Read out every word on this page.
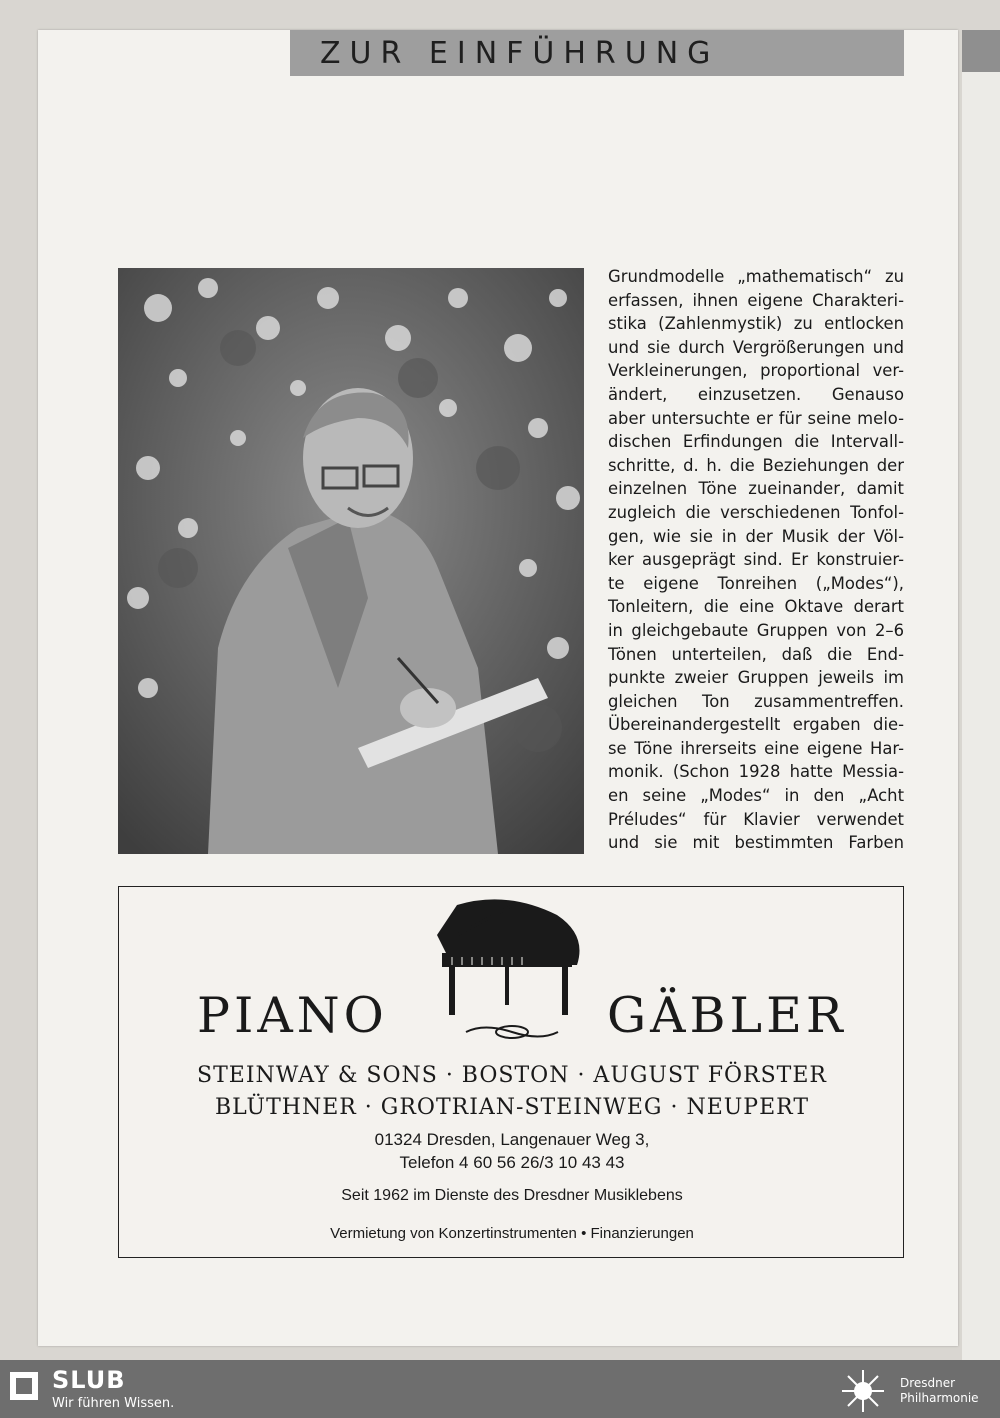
ZUR EINFÜHRUNG
Grundmodelle „mathematisch“ zu
erfassen, ihnen eigene Charakteri-
stika (Zahlenmystik) zu entlocken
und sie durch Vergrößerungen und
Verkleinerungen, proportional ver-
ändert, einzusetzen. Genauso
aber untersuchte er für seine melo-
dischen Erfindungen die Intervall-
schritte, d. h. die Beziehungen der
einzelnen Töne zueinander, damit
zugleich die verschiedenen Tonfol-
gen, wie sie in der Musik der Völ-
ker ausgeprägt sind. Er konstruier-
te eigene Tonreihen („Modes“),
Tonleitern, die eine Oktave derart
in gleichgebaute Gruppen von 2–6
Tönen unterteilen, daß die End-
punkte zweier Gruppen jeweils im
gleichen Ton zusammentreffen.
Übereinandergestellt ergaben die-
se Töne ihrerseits eine eigene Har-
monik. (Schon 1928 hatte Messia-
en seine „Modes“ in den „Acht
Préludes“ für Klavier verwendet
und sie mit bestimmten Farben
PIANO	GÄBLER
STEINWAY & SONS · BOSTON · AUGUST FÖRSTER
BLÜTHNER · GROTRIAN-STEINWEG · NEUPERT
01324 Dresden, Langenauer Weg 3,
Telefon 4 60 56 26/3 10 43 43
Seit 1962 im Dienste des Dresdner Musiklebens
Vermietung von Konzertinstrumenten • Finanzierungen
SLUB
Wir führen Wissen.
Dresdner
Philharmonie
